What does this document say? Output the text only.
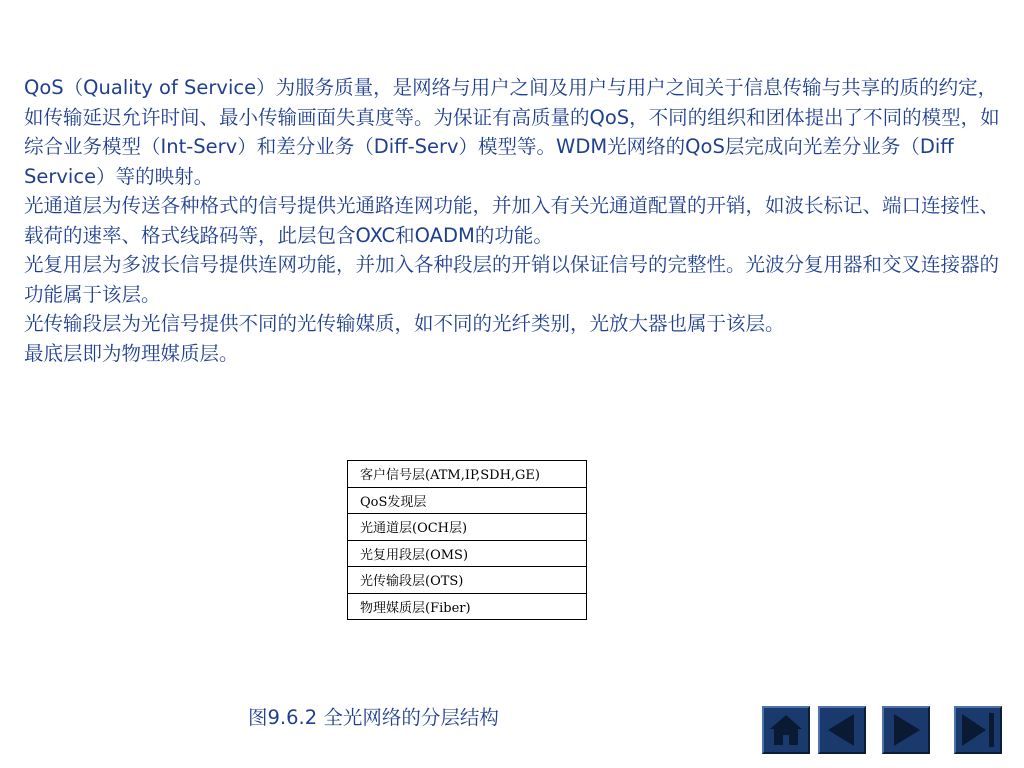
QoS（Quality of Service）为服务质量，是网络与用户之间及用户与用户之间关于信息传输与共享的质的约定，如传输延迟允许时间、最小传输画面失真度等。为保证有高质量的QoS，不同的组织和团体提出了不同的模型，如综合业务模型（Int-Serv）和差分业务（Diff-Serv）模型等。WDM光网络的QoS层完成向光差分业务（Diff Service）等的映射。

光通道层为传送各种格式的信号提供光通路连网功能，并加入有关光通道配置的开销，如波长标记、端口连接性、载荷的速率、格式线路码等，此层包含OXC和OADM的功能。

光复用层为多波长信号提供连网功能，并加入各种段层的开销以保证信号的完整性。光波分复用器和交叉连接器的功能属于该层。

光传输段层为光信号提供不同的光传输媒质，如不同的光纤类别，光放大器也属于该层。

最底层即为物理媒质层。

客户信号层(ATM,IP,SDH,GE)
QoS发现层
光通道层(OCH层)
光复用段层(OMS)
光传输段层(OTS)
物理媒质层(Fiber)
图9.6.2 全光网络的分层结构
